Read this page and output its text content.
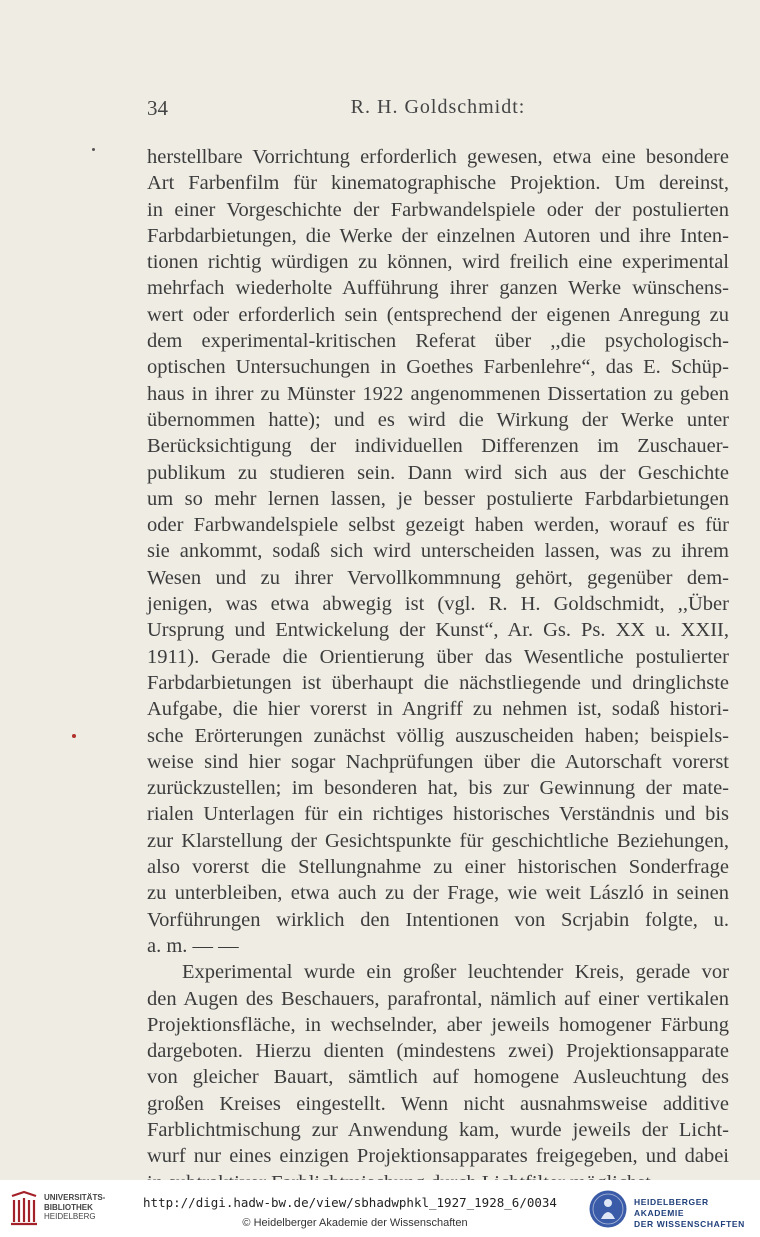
34	R. H. Goldschmidt:
herstellbare Vorrichtung erforderlich gewesen, etwa eine besondere
Art Farbenfilm für kinematographische Projektion. Um dereinst,
in einer Vorgeschichte der Farbwandelspiele oder der postulierten
Farbdarbietungen, die Werke der einzelnen Autoren und ihre Inten-
tionen richtig würdigen zu können, wird freilich eine experimental
mehrfach wiederholte Aufführung ihrer ganzen Werke wünschens-
wert oder erforderlich sein (entsprechend der eigenen Anregung zu
dem experimental-kritischen Referat über ,,die psychologisch-
optischen Untersuchungen in Goethes Farbenlehre“, das E. Schüp-
haus in ihrer zu Münster 1922 angenommenen Dissertation zu geben
übernommen hatte); und es wird die Wirkung der Werke unter
Berücksichtigung der individuellen Differenzen im Zuschauer-
publikum zu studieren sein. Dann wird sich aus der Geschichte
um so mehr lernen lassen, je besser postulierte Farbdarbietungen
oder Farbwandelspiele selbst gezeigt haben werden, worauf es für
sie ankommt, sodaß sich wird unterscheiden lassen, was zu ihrem
Wesen und zu ihrer Vervollkommnung gehört, gegenüber dem-
jenigen, was etwa abwegig ist (vgl. R. H. Goldschmidt, ,,Über
Ursprung und Entwickelung der Kunst“, Ar. Gs. Ps. XX u. XXII,
1911). Gerade die Orientierung über das Wesentliche postulierter
Farbdarbietungen ist überhaupt die nächstliegende und dringlichste
Aufgabe, die hier vorerst in Angriff zu nehmen ist, sodaß histori-
sche Erörterungen zunächst völlig auszuscheiden haben; beispiels-
weise sind hier sogar Nachprüfungen über die Autorschaft vorerst
zurückzustellen; im besonderen hat, bis zur Gewinnung der mate-
rialen Unterlagen für ein richtiges historisches Verständnis und bis
zur Klarstellung der Gesichtspunkte für geschichtliche Beziehungen,
also vorerst die Stellungnahme zu einer historischen Sonderfrage
zu unterbleiben, etwa auch zu der Frage, wie weit László in seinen
Vorführungen wirklich den Intentionen von Scrjabin folgte, u.
a. m. — —
Experimental wurde ein großer leuchtender Kreis, gerade vor
den Augen des Beschauers, parafrontal, nämlich auf einer vertikalen
Projektionsfläche, in wechselnder, aber jeweils homogener Färbung
dargeboten. Hierzu dienten (mindestens zwei) Projektionsapparate
von gleicher Bauart, sämtlich auf homogene Ausleuchtung des
großen Kreises eingestellt. Wenn nicht ausnahmsweise additive
Farblichtmischung zur Anwendung kam, wurde jeweils der Licht-
wurf nur eines einzigen Projektionsapparates freigegeben, und dabei
UNIVERSITÄTS-
BIBLIOTHEK
HEIDELBERG
http://digi.hadw-bw.de/view/sbhadwphkl_1927_1928_6/0034
© Heidelberger Akademie der Wissenschaften
HEIDELBERGER AKADEMIE
DER WISSENSCHAFTEN
